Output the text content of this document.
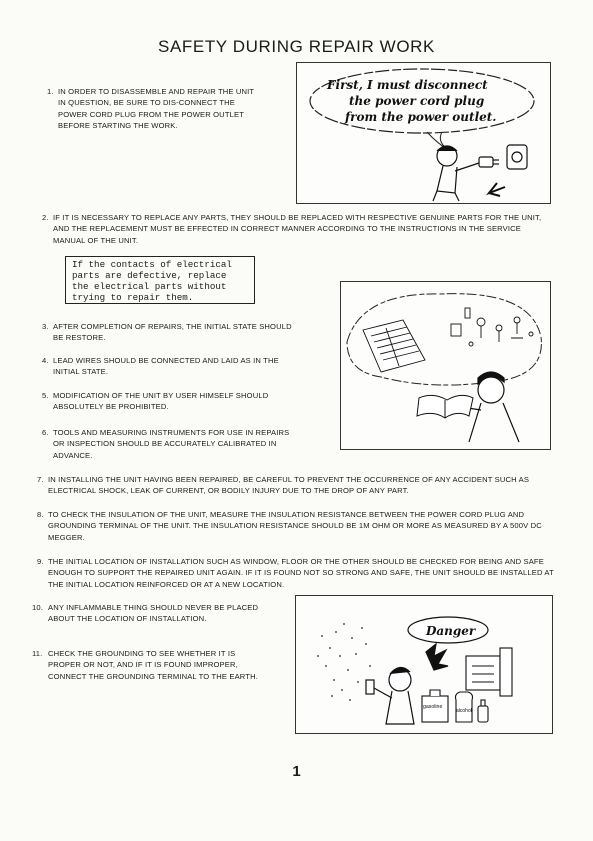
SAFETY DURING REPAIR WORK
1. IN ORDER TO DISASSEMBLE AND REPAIR THE UNIT IN QUESTION, BE SURE TO DIS-CONNECT THE POWER CORD PLUG FROM THE POWER OUTLET BEFORE STARTING THE WORK.

First, I must disconnect
the power cord plug
from the power outlet.
2. IF IT IS NECESSARY TO REPLACE ANY PARTS, THEY SHOULD BE REPLACED WITH RESPECTIVE GENUINE PARTS FOR THE UNIT, AND THE REPLACEMENT MUST BE EFFECTED IN CORRECT MANNER ACCORDING TO THE INSTRUCTIONS IN THE SERVICE MANUAL OF THE UNIT.

If the contacts of electrical
parts are defective, replace
the electrical parts without
trying to repair them.
3. AFTER COMPLETION OF REPAIRS, THE INITIAL STATE SHOULD BE RESTORE.

4. LEAD WIRES SHOULD BE CONNECTED AND LAID AS IN THE INITIAL STATE.

5. MODIFICATION OF THE UNIT BY USER HIMSELF SHOULD ABSOLUTELY BE PROHIBITED.

6. TOOLS AND MEASURING INSTRUMENTS FOR USE IN REPAIRS OR INSPECTION SHOULD BE ACCURATELY CALIBRATED IN ADVANCE.

7. IN INSTALLING THE UNIT HAVING BEEN REPAIRED, BE CAREFUL TO PREVENT THE OCCURRENCE OF ANY ACCIDENT SUCH AS ELECTRICAL SHOCK, LEAK OF CURRENT, OR BODILY INJURY DUE TO THE DROP OF ANY PART.

8. TO CHECK THE INSULATION OF THE UNIT, MEASURE THE INSULATION RESISTANCE BETWEEN THE POWER CORD PLUG AND GROUNDING TERMINAL OF THE UNIT. THE INSULATION RESISTANCE SHOULD BE 1M OHM OR MORE AS MEASURED BY A 500V DC MEGGER.

9. THE INITIAL LOCATION OF INSTALLATION SUCH AS WINDOW, FLOOR OR THE OTHER SHOULD BE CHECKED FOR BEING AND SAFE ENOUGH TO SUPPORT THE REPAIRED UNIT AGAIN. IF IT IS FOUND NOT SO STRONG AND SAFE, THE UNIT SHOULD BE INSTALLED AT THE INITIAL LOCATION REINFORCED OR AT A NEW LOCATION.

10. ANY INFLAMMABLE THING SHOULD NEVER BE PLACED ABOUT THE LOCATION OF INSTALLATION.

11. CHECK THE GROUNDING TO SEE WHETHER IT IS PROPER OR NOT, AND IF IT IS FOUND IMPROPER, CONNECT THE GROUNDING TERMINAL TO THE EARTH.

Danger
gasoline
alcohol
1
